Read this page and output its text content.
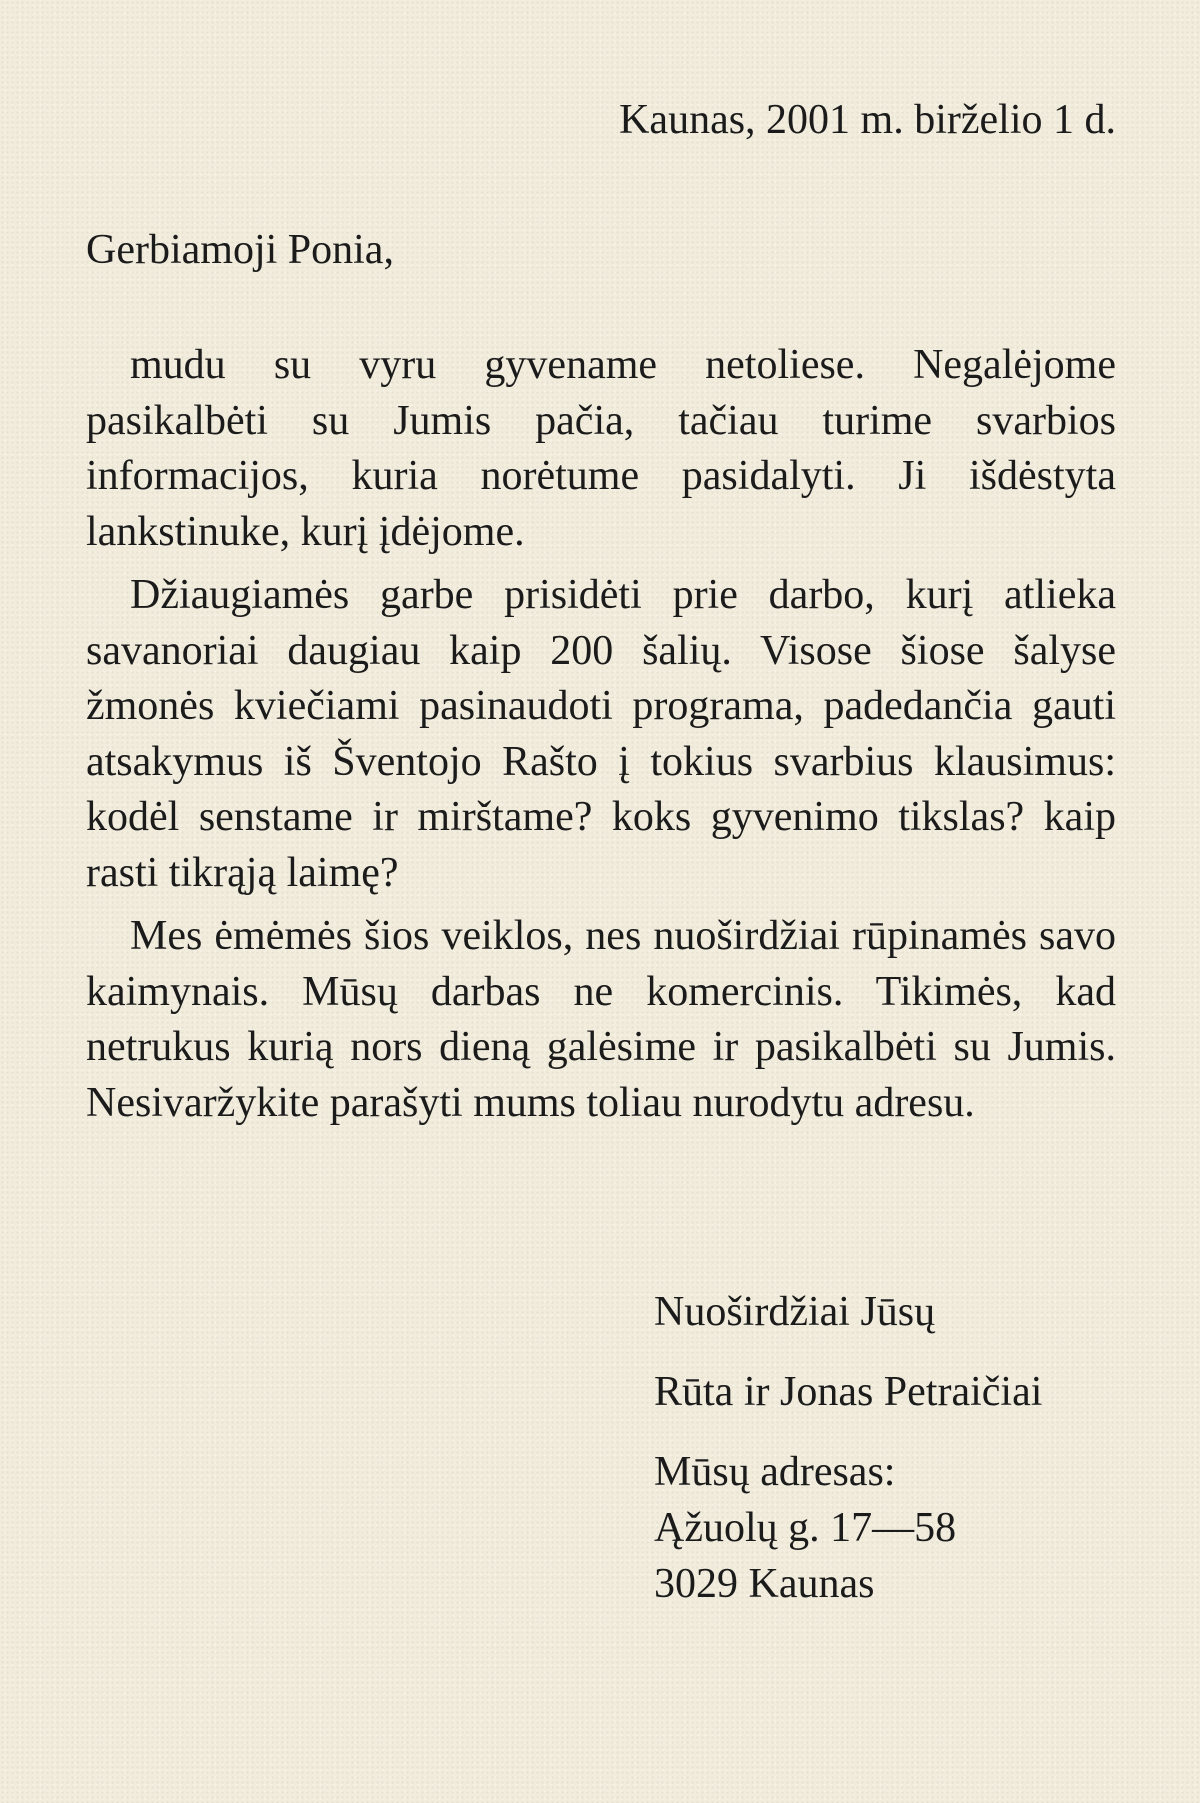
Kaunas, 2001 m. birželio 1 d.

Gerbiamoji Ponia,

mudu su vyru gyvename netoliese. Negalėjome pasikalbėti su Jumis pačia, tačiau turime svarbios informacijos, kuria norėtume pasidalyti. Ji išdėstyta lankstinuke, kurį įdėjome.

Džiaugiamės garbe prisidėti prie darbo, kurį atlieka savanoriai daugiau kaip 200 šalių. Visose šiose šalyse žmonės kviečiami pasinaudoti programa, padedančia gauti atsakymus iš Šventojo Rašto į tokius svarbius klausimus: kodėl senstame ir mirštame? koks gyvenimo tikslas? kaip rasti tikrąją laimę?

Mes ėmėmės šios veiklos, nes nuoširdžiai rūpinamės savo kaimynais. Mūsų darbas ne komercinis. Tikimės, kad netrukus kurią nors dieną galėsime ir pasikalbėti su Jumis. Nesivaržykite parašyti mums toliau nurodytu adresu.

Nuoširdžiai Jūsų
Rūta ir Jonas Petraičiai
Mūsų adresas:
Ąžuolų g. 17—58
3029 Kaunas
